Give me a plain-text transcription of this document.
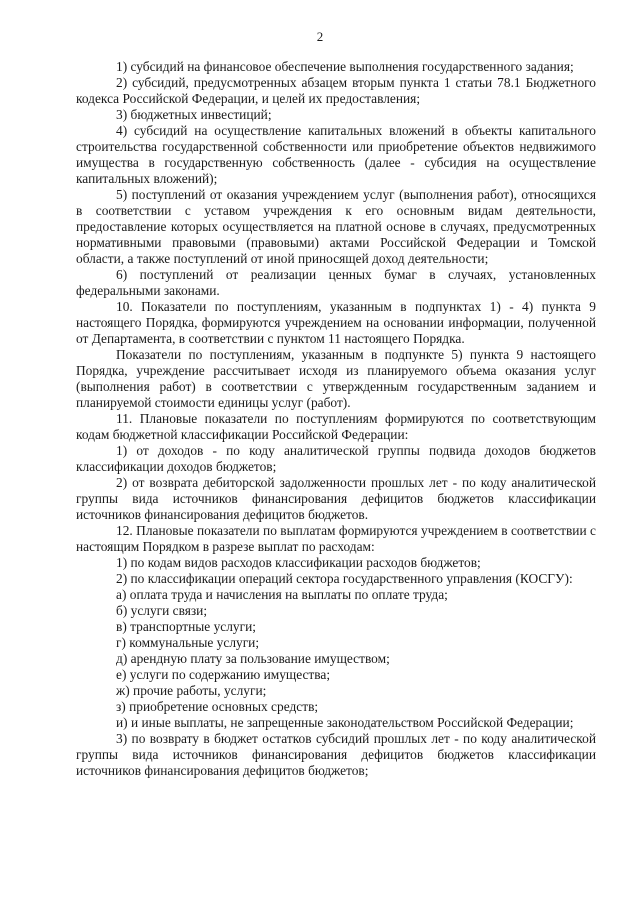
2

1) субсидий на финансовое обеспечение выполнения государственного задания;

2) субсидий, предусмотренных абзацем вторым пункта 1 статьи 78.1 Бюджетного кодекса Российской Федерации, и целей их предоставления;

3) бюджетных инвестиций;

4) субсидий на осуществление капитальных вложений в объекты капитального строительства государственной собственности или приобретение объектов недвижимого имущества в государственную собственность (далее - субсидия на осуществление капитальных вложений);

5) поступлений от оказания учреждением услуг (выполнения работ), относящихся в соответствии с уставом учреждения к его основным видам деятельности, предоставление которых осуществляется на платной основе в случаях, предусмотренных нормативными правовыми (правовыми) актами Российской Федерации и Томской области, а также поступлений от иной приносящей доход деятельности;

6) поступлений от реализации ценных бумаг в случаях, установленных федеральными законами.

10. Показатели по поступлениям, указанным в подпунктах 1) - 4) пункта 9 настоящего Порядка, формируются учреждением на основании информации, полученной от Департамента, в соответствии с пунктом 11 настоящего Порядка.

Показатели по поступлениям, указанным в подпункте 5) пункта 9 настоящего Порядка, учреждение рассчитывает исходя из планируемого объема оказания услуг (выполнения работ) в соответствии с утвержденным государственным заданием и планируемой стоимости единицы услуг (работ).

11. Плановые показатели по поступлениям формируются по соответствующим кодам бюджетной классификации Российской Федерации:

1) от доходов - по коду аналитической группы подвида доходов бюджетов классификации доходов бюджетов;

2) от возврата дебиторской задолженности прошлых лет - по коду аналитической группы вида источников финансирования дефицитов бюджетов классификации источников финансирования дефицитов бюджетов.

12. Плановые показатели по выплатам формируются учреждением в соответствии с настоящим Порядком в разрезе выплат по расходам:

1) по кодам видов расходов классификации расходов бюджетов;

2) по классификации операций сектора государственного управления (КОСГУ):

а) оплата труда и начисления на выплаты по оплате труда;

б) услуги связи;

в) транспортные услуги;

г) коммунальные услуги;

д) арендную плату за пользование имуществом;

е) услуги по содержанию имущества;

ж) прочие работы, услуги;

з) приобретение основных средств;

и) и иные выплаты, не запрещенные законодательством Российской Федерации;

3) по возврату в бюджет остатков субсидий прошлых лет - по коду аналитической группы вида источников финансирования дефицитов бюджетов классификации источников финансирования дефицитов бюджетов;
